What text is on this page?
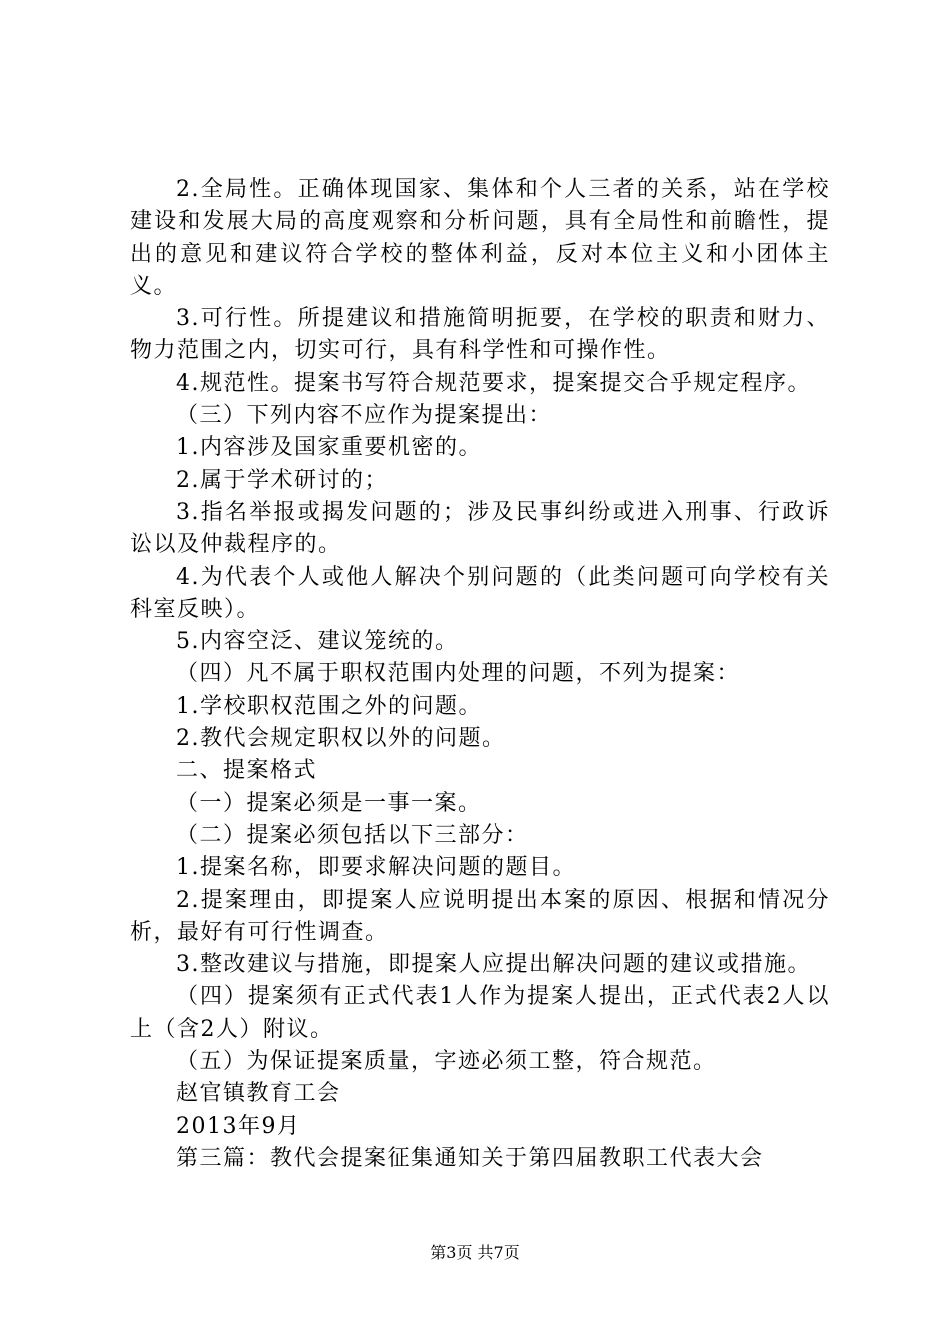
2.全局性。正确体现国家、集体和个人三者的关系，站在学校建设和发展大局的高度观察和分析问题，具有全局性和前瞻性，提出的意见和建议符合学校的整体利益，反对本位主义和小团体主义。

3.可行性。所提建议和措施简明扼要，在学校的职责和财力、物力范围之内，切实可行，具有科学性和可操作性。

4.规范性。提案书写符合规范要求，提案提交合乎规定程序。

（三）下列内容不应作为提案提出：

1.内容涉及国家重要机密的。

2.属于学术研讨的；

3.指名举报或揭发问题的；涉及民事纠纷或进入刑事、行政诉讼以及仲裁程序的。

4.为代表个人或他人解决个别问题的（此类问题可向学校有关科室反映）。

5.内容空泛、建议笼统的。

（四）凡不属于职权范围内处理的问题，不列为提案：

1.学校职权范围之外的问题。

2.教代会规定职权以外的问题。

二、提案格式

（一）提案必须是一事一案。

（二）提案必须包括以下三部分：

1.提案名称，即要求解决问题的题目。

2.提案理由，即提案人应说明提出本案的原因、根据和情况分析，最好有可行性调查。

3.整改建议与措施，即提案人应提出解决问题的建议或措施。

（四）提案须有正式代表1人作为提案人提出，正式代表2人以上（含2人）附议。

（五）为保证提案质量，字迹必须工整，符合规范。

赵官镇教育工会

2013年9月

第三篇：教代会提案征集通知关于第四届教职工代表大会

第3页 共7页
